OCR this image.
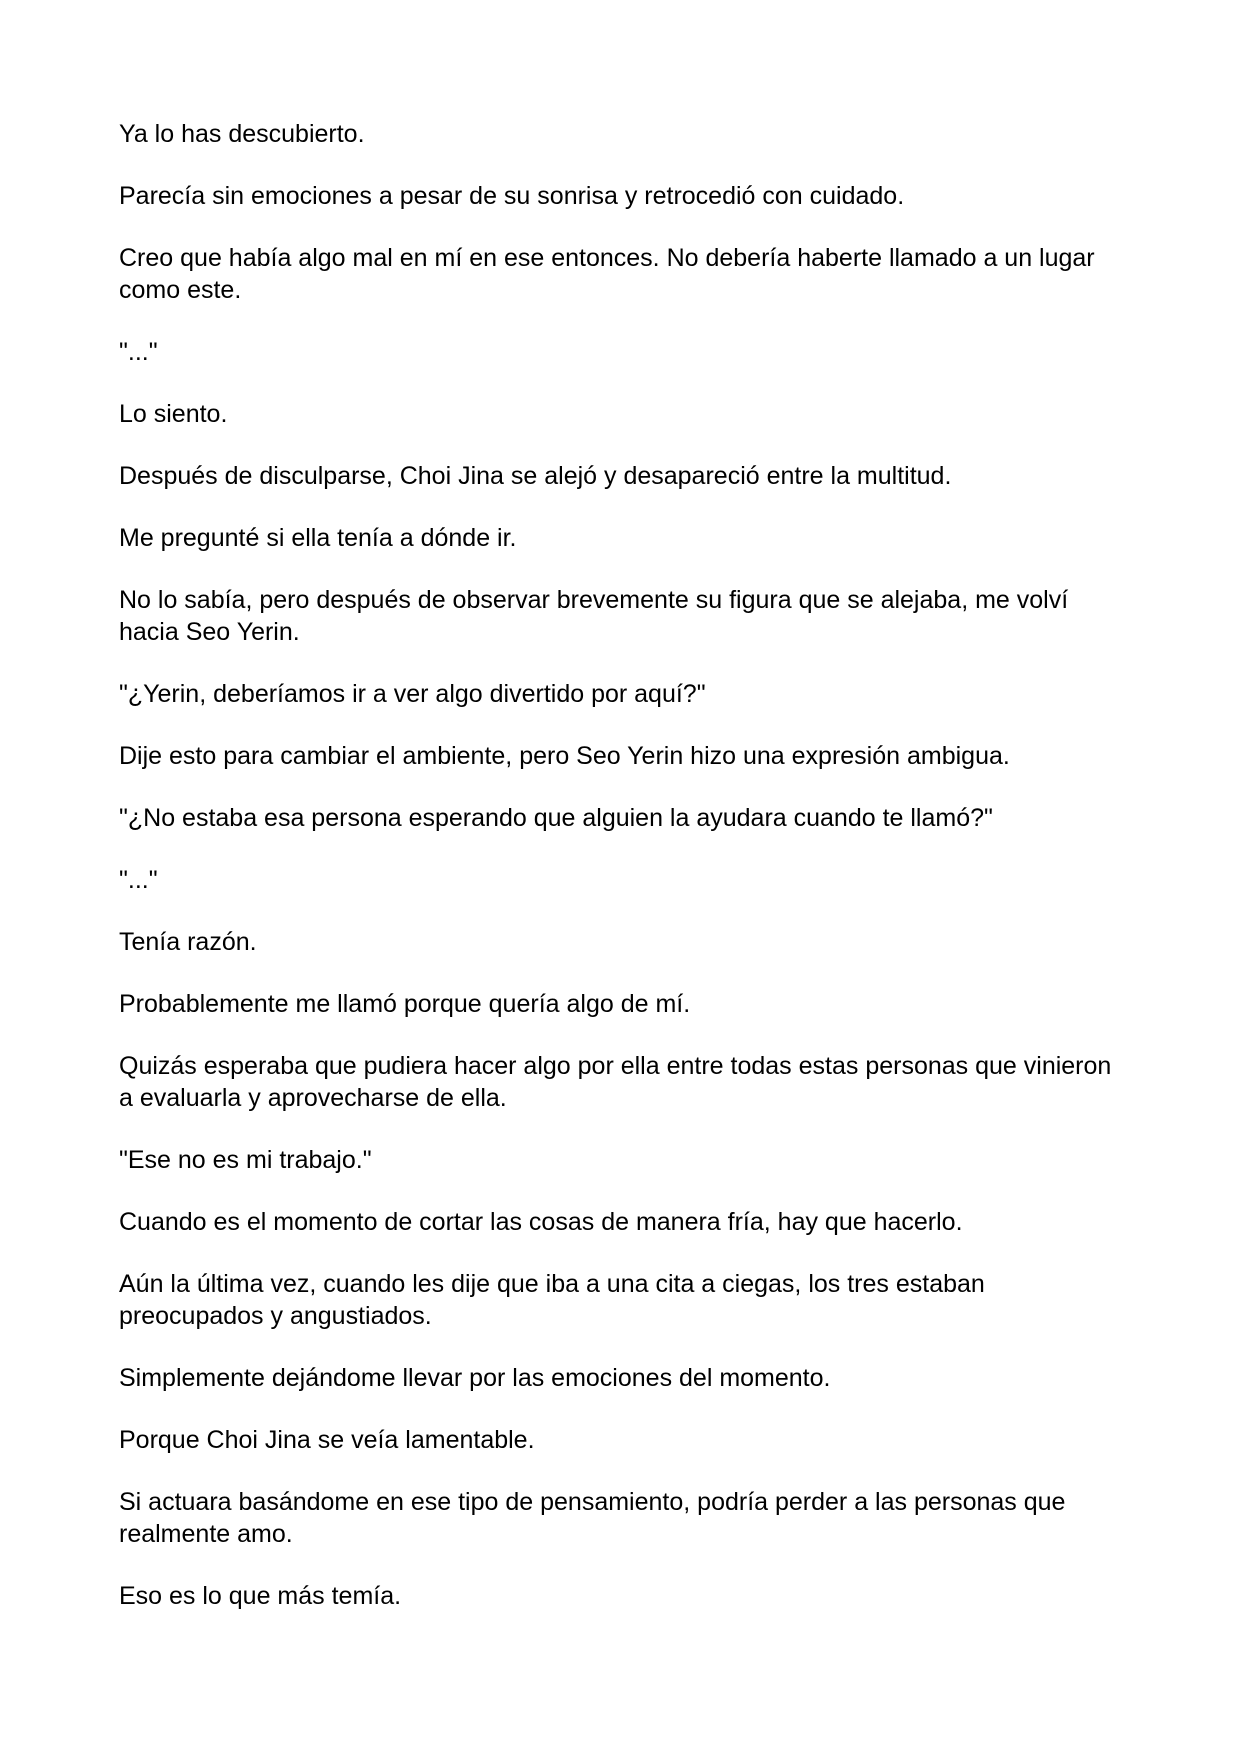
Ya lo has descubierto.

Parecía sin emociones a pesar de su sonrisa y retrocedió con cuidado.

Creo que había algo mal en mí en ese entonces. No debería haberte llamado a un lugar como este.

"..."

Lo siento.

Después de disculparse, Choi Jina se alejó y desapareció entre la multitud.

Me pregunté si ella tenía a dónde ir.

No lo sabía, pero después de observar brevemente su figura que se alejaba, me volví hacia Seo Yerin.

"¿Yerin, deberíamos ir a ver algo divertido por aquí?"

Dije esto para cambiar el ambiente, pero Seo Yerin hizo una expresión ambigua.

"¿No estaba esa persona esperando que alguien la ayudara cuando te llamó?"

"..."

Tenía razón.

Probablemente me llamó porque quería algo de mí.

Quizás esperaba que pudiera hacer algo por ella entre todas estas personas que vinieron a evaluarla y aprovecharse de ella.

"Ese no es mi trabajo."

Cuando es el momento de cortar las cosas de manera fría, hay que hacerlo.

Aún la última vez, cuando les dije que iba a una cita a ciegas, los tres estaban preocupados y angustiados.

Simplemente dejándome llevar por las emociones del momento.

Porque Choi Jina se veía lamentable.

Si actuara basándome en ese tipo de pensamiento, podría perder a las personas que realmente amo.

Eso es lo que más temía.
